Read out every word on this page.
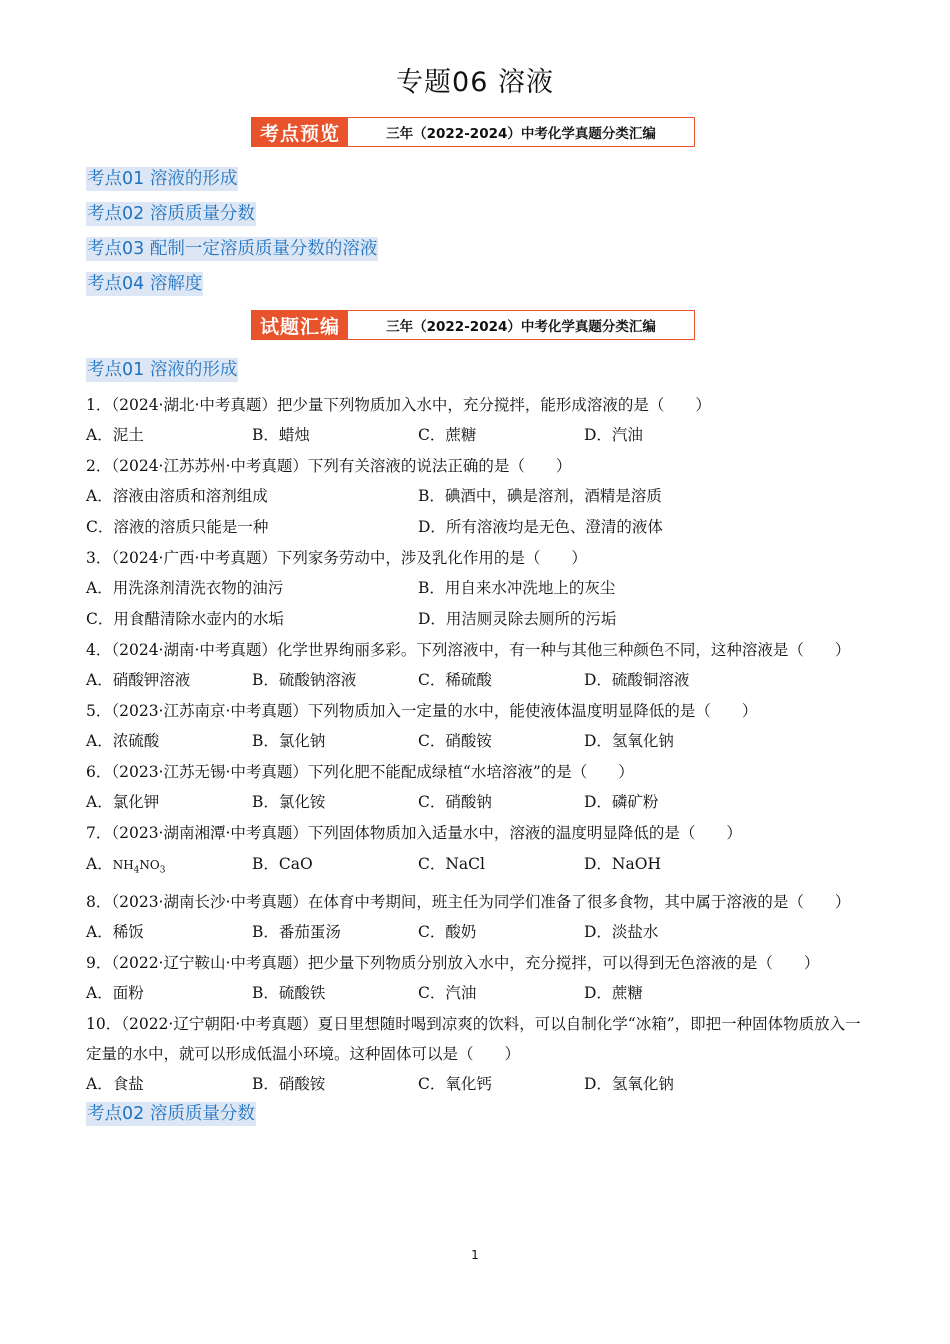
专题06 溶液
考点预览	三年（2022-2024）中考化学真题分类汇编
考点01 溶液的形成
考点02 溶质质量分数
考点03 配制一定溶质质量分数的溶液
考点04 溶解度
试题汇编	三年（2022-2024）中考化学真题分类汇编
考点01 溶液的形成

1．（2024·湖北·中考真题）把少量下列物质加入水中，充分搅拌，能形成溶液的是（　　）

A．泥土	B．蜡烛	C．蔗糖	D．汽油

2．（2024·江苏苏州·中考真题）下列有关溶液的说法正确的是（　　）

A．溶液由溶质和溶剂组成	B．碘酒中，碘是溶剂，酒精是溶质
C．溶液的溶质只能是一种	D．所有溶液均是无色、澄清的液体

3．（2024·广西·中考真题）下列家务劳动中，涉及乳化作用的是（　　）

A．用洗涤剂清洗衣物的油污	B．用自来水冲洗地上的灰尘
C．用食醋清除水壶内的水垢	D．用洁厕灵除去厕所的污垢

4．（2024·湖南·中考真题）化学世界绚丽多彩。下列溶液中，有一种与其他三种颜色不同，这种溶液是（　　）

A．硝酸钾溶液	B．硫酸钠溶液	C．稀硫酸	D．硫酸铜溶液

5．（2023·江苏南京·中考真题）下列物质加入一定量的水中，能使液体温度明显降低的是（　　）

A．浓硫酸	B．氯化钠	C．硝酸铵	D．氢氧化钠

6．（2023·江苏无锡·中考真题）下列化肥不能配成绿植“水培溶液”的是（　　）

A．氯化钾	B．氯化铵	C．硝酸钠	D．磷矿粉

7．（2023·湖南湘潭·中考真题）下列固体物质加入适量水中，溶液的温度明显降低的是（　　）

A．$NH_4NO_3$	B．CaO	C．NaCl	D．NaOH

8．（2023·湖南长沙·中考真题）在体育中考期间，班主任为同学们准备了很多食物，其中属于溶液的是（　　）

A．稀饭	B．番茄蛋汤	C．酸奶	D．淡盐水

9．（2022·辽宁鞍山·中考真题）把少量下列物质分别放入水中，充分搅拌，可以得到无色溶液的是（　　）

A．面粉	B．硫酸铁	C．汽油	D．蔗糖

10．（2022·辽宁朝阳·中考真题）夏日里想随时喝到凉爽的饮料，可以自制化学“冰箱”，即把一种固体物质放入一定量的水中，就可以形成低温小环境。这种固体可以是（　　）

A．食盐	B．硝酸铵	C．氧化钙	D．氢氧化钠
考点02 溶质质量分数
1
